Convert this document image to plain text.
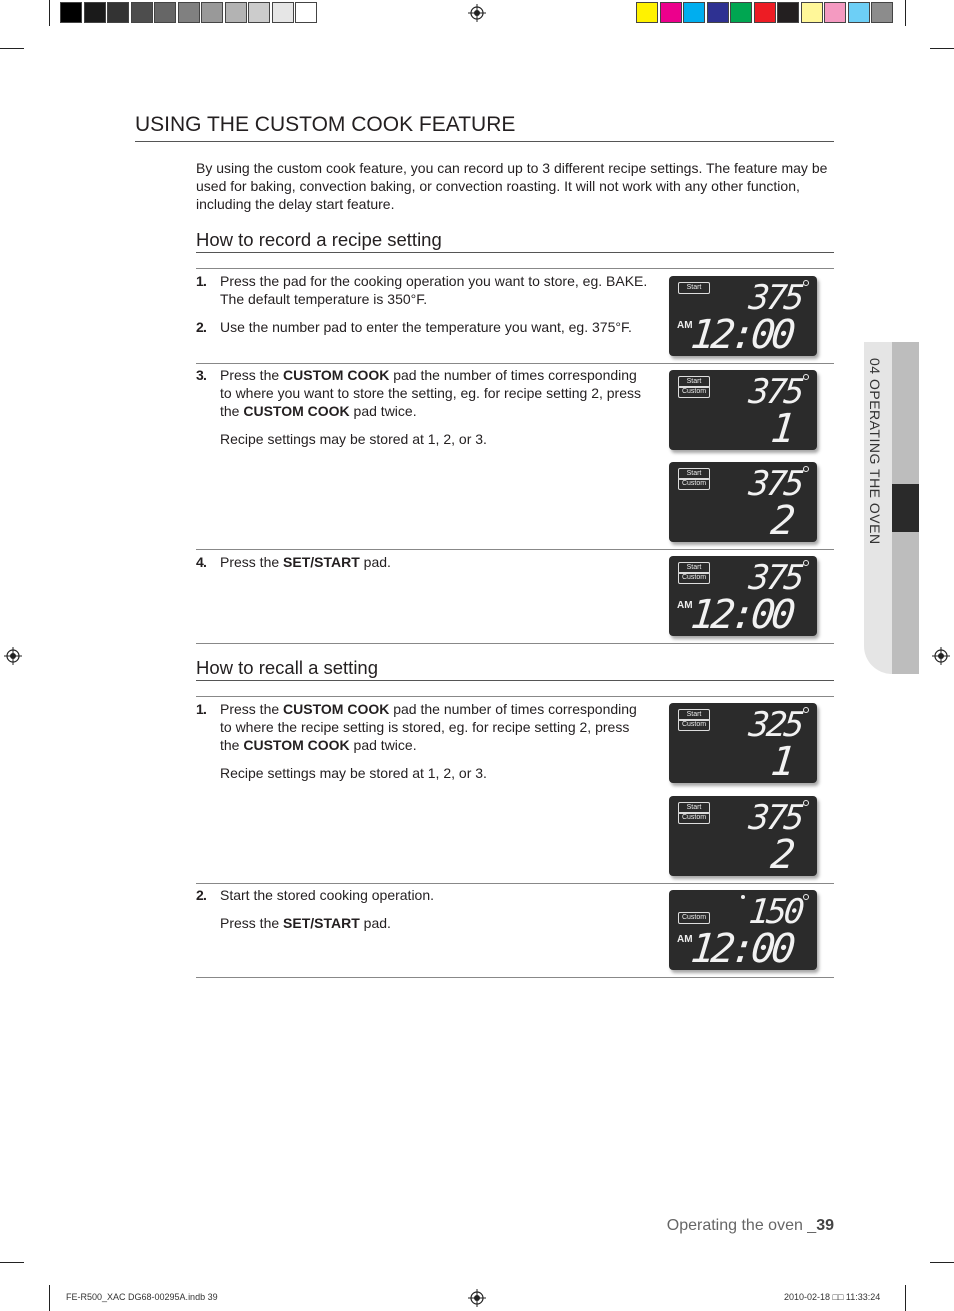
USING THE CUSTOM COOK FEATURE

By using the custom cook feature, you can record up to 3 different recipe settings. The feature may be used for baking, convection baking, or convection roasting. It will not work with any other function, including the delay start feature.

How to record a recipe setting
1 . Press the pad for the cooking operation you want to store, eg. BAKE. The default temperature is 350°F.
2 . Use the number pad to enter the temperature you want, eg. 375°F.
3 . Press the CUSTOM COOK pad the number of times corresponding to where you want to store the setting, eg. for recipe setting 2, press the CUSTOM COOK pad twice.
Recipe settings may be stored at 1, 2, or 3.
4 . Press the SET/START pad.
How to recall a setting
1 . Press the CUSTOM COOK pad the number of times corresponding to where the recipe setting is stored, eg. for recipe setting 2, press the CUSTOM COOK pad twice.
Recipe settings may be stored at 1, 2, or 3.
2 . Start the stored cooking operation.
Press the SET/START pad.
Start
AM
375
12:00
Start
Custom 375
1
Start
Custom 375
2
Start
Custom
AM
375
12:00
Start
Custom 325
1
Start
Custom 375
2
Custom
AM
150
12:00
04 OPERATING THE OVEN
Operating the oven _39
FE-R500_XAC DG68-00295A.indb 39	2010-02-18 □□ 11:33:24
